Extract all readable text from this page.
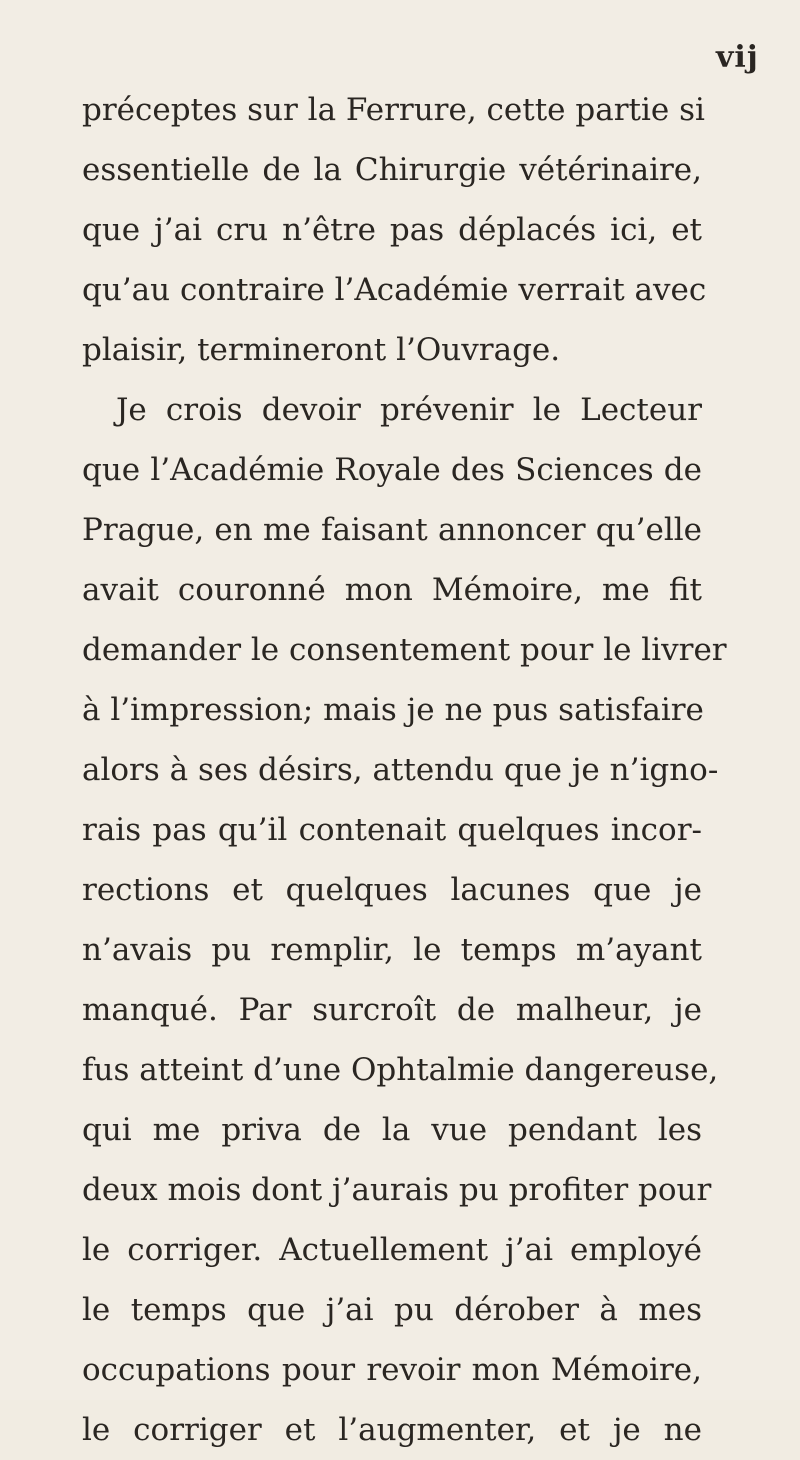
vij
préceptes sur la Ferrure, cette partie si
essentielle de la Chirurgie vétérinaire,
que j’ai cru n’être pas déplacés ici, et
qu’au contraire l’Académie verrait avec
plaisir, termineront l’Ouvrage.
Je crois devoir prévenir le Lecteur
que l’Académie Royale des Sciences de
Prague, en me faisant annoncer qu’elle
avait couronné mon Mémoire, me fit
demander le consentement pour le livrer
à l’impression; mais je ne pus satisfaire
alors à ses désirs, attendu que je n’igno-
rais pas qu’il contenait quelques incor-
rections et quelques lacunes que je
n’avais pu remplir, le temps m’ayant
manqué. Par surcroît de malheur, je
fus atteint d’une Ophtalmie dangereuse,
qui me priva de la vue pendant les
deux mois dont j’aurais pu profiter pour
le corriger. Actuellement j’ai employé
le temps que j’ai pu dérober à mes
occupations pour revoir mon Mémoire,
le corriger et l’augmenter, et je ne
